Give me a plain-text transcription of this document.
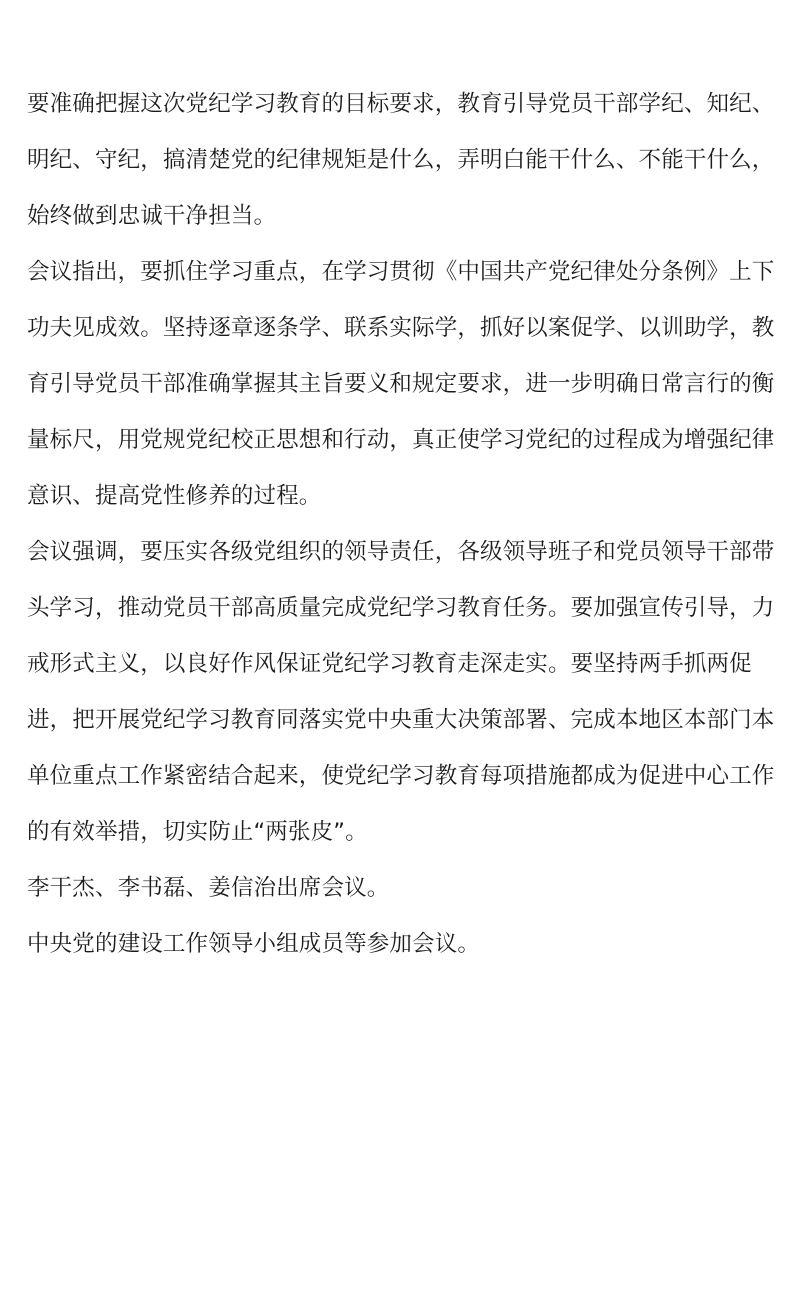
要准确把握这次党纪学习教育的目标要求，教育引导党员干部学纪、知纪、明纪、守纪，搞清楚党的纪律规矩是什么，弄明白能干什么、不能干什么，始终做到忠诚干净担当。

会议指出，要抓住学习重点，在学习贯彻《中国共产党纪律处分条例》上下功夫见成效。坚持逐章逐条学、联系实际学，抓好以案促学、以训助学，教育引导党员干部准确掌握其主旨要义和规定要求，进一步明确日常言行的衡量标尺，用党规党纪校正思想和行动，真正使学习党纪的过程成为增强纪律意识、提高党性修养的过程。

会议强调，要压实各级党组织的领导责任，各级领导班子和党员领导干部带头学习，推动党员干部高质量完成党纪学习教育任务。要加强宣传引导，力戒形式主义，以良好作风保证党纪学习教育走深走实。要坚持两手抓两促进，把开展党纪学习教育同落实党中央重大决策部署、完成本地区本部门本单位重点工作紧密结合起来，使党纪学习教育每项措施都成为促进中心工作的有效举措，切实防止“两张皮”。

李干杰、李书磊、姜信治出席会议。

中央党的建设工作领导小组成员等参加会议。
